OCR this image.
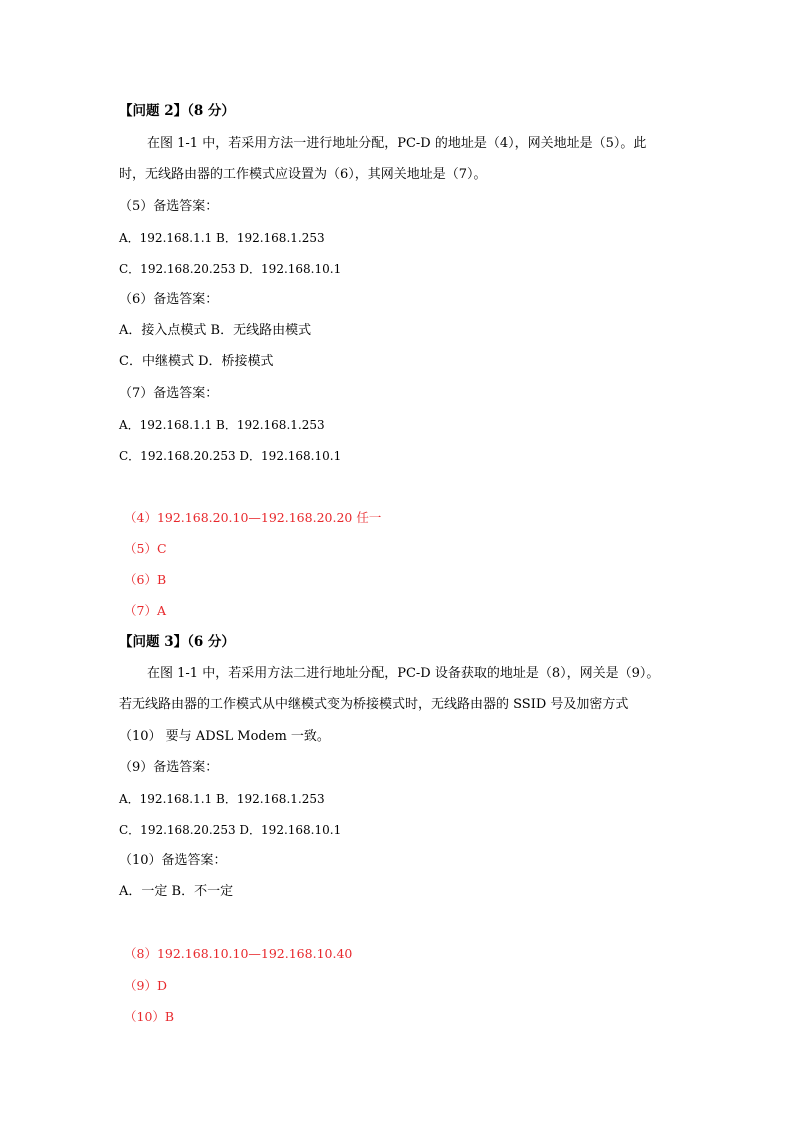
【问题 2】（8 分）
在图 1-1 中，若采用方法一进行地址分配，PC-D 的地址是（4），网关地址是（5）。此
时，无线路由器的工作模式应设置为（6），其网关地址是（7）。
（5）备选答案：
A．192.168.1.1 B．192.168.1.253
C．192.168.20.253 D．192.168.10.1
（6）备选答案：
A．接入点模式 B．无线路由模式
C．中继模式 D．桥接模式
（7）备选答案：
A．192.168.1.1 B．192.168.1.253
C．192.168.20.253 D．192.168.10.1
（4）192.168.20.10—192.168.20.20 任一
（5）C
（6）B
（7）A
【问题 3】（6 分）
在图 1-1 中，若采用方法二进行地址分配，PC-D 设备获取的地址是（8），网关是（9）。
若无线路由器的工作模式从中继模式变为桥接模式时，无线路由器的 SSID 号及加密方式
（10） 要与 ADSL Modem 一致。
（9）备选答案：
A．192.168.1.1 B．192.168.1.253
C．192.168.20.253 D．192.168.10.1
（10）备选答案：
A．一定 B．不一定
（8）192.168.10.10—192.168.10.40
（9）D
（10）B
